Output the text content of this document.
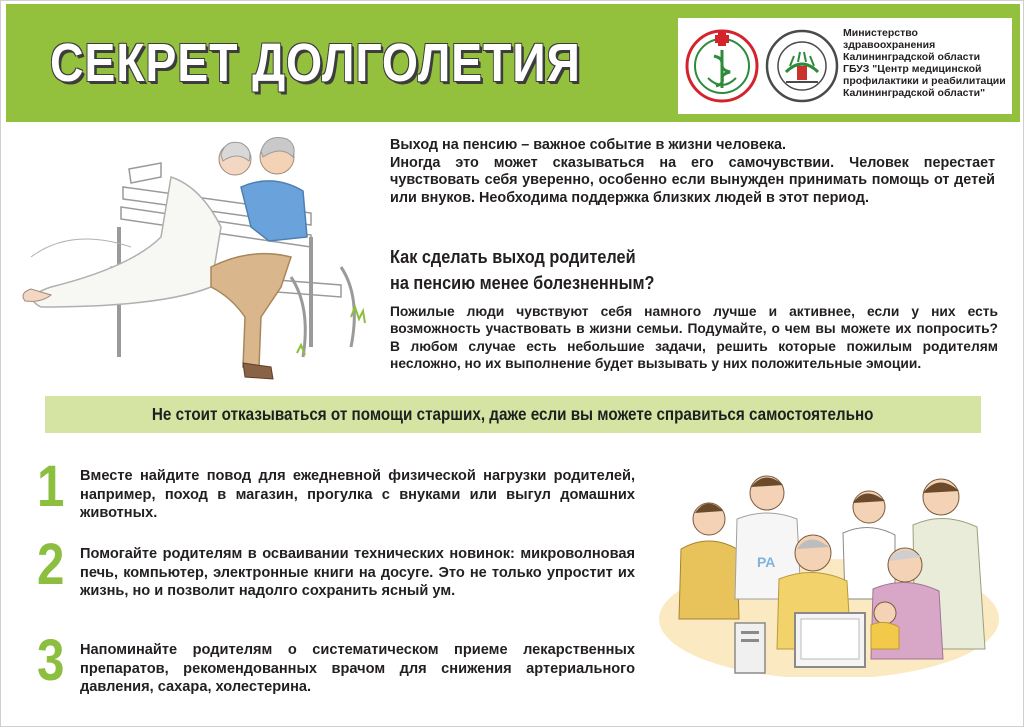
СЕКРЕТ ДОЛГОЛЕТИЯ	Министерство
здравоохранения
Калининградской области
ГБУЗ "Центр медицинской
профилактики и реабилитации
Калининградской области"

Выход на пенсию – важное событие в жизни человека.

Иногда это может сказываться на его самочувствии. Человек перестает чувствовать себя уверенно, особенно если вынужден принимать помощь от детей или внуков. Необходима поддержка близких людей в этот период.

Как сделать выход родителей
на пенсию менее болезненным?

Пожилые люди чувствуют себя намного лучше и активнее, если у них есть возможность участвовать в жизни семьи. Подумайте, о чем вы можете их попросить? В любом случае есть небольшие задачи, решить которые пожилым родителям несложно, но их выполнение будет вызывать у них положительные эмоции.

Не стоит отказываться от помощи старших, даже если вы можете справиться самостоятельно
1 Вместе найдите повод для ежедневной физической нагрузки родителей, например, поход в магазин, прогулка с внуками или выгул домашних животных.

2 Помогайте родителям в осваивании технических новинок: микроволновая печь, компьютер, электронные книги на досуге. Это не только упростит их жизнь, но и позволит надолго сохранить ясный ум.

3 Напоминайте родителям о систематическом приеме лекарственных препаратов, рекомендованных врачом для снижения артериального давления, сахара, холестерина.

PA
